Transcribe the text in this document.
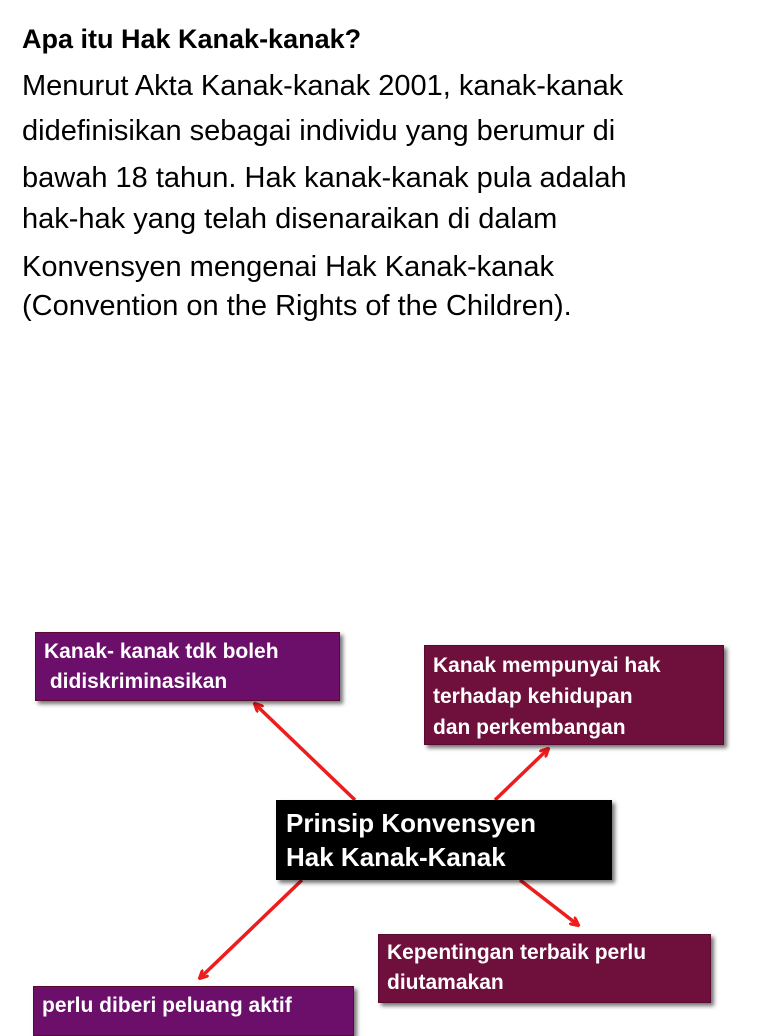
Apa itu Hak Kanak-kanak?
Menurut Akta Kanak-kanak 2001, kanak-kanak
didefinisikan sebagai individu yang berumur di
bawah 18 tahun. Hak kanak-kanak pula adalah
hak-hak yang telah disenaraikan di dalam
Konvensyen mengenai Hak Kanak-kanak
(Convention on the Rights of the Children).
Kanak- kanak tdk boleh
didiskriminasikan
Kanak mempunyai hak
terhadap kehidupan
dan perkembangan
Kepentingan terbaik perlu
diutamakan
perlu diberi peluang aktif
Prinsip Konvensyen
Hak Kanak-Kanak
